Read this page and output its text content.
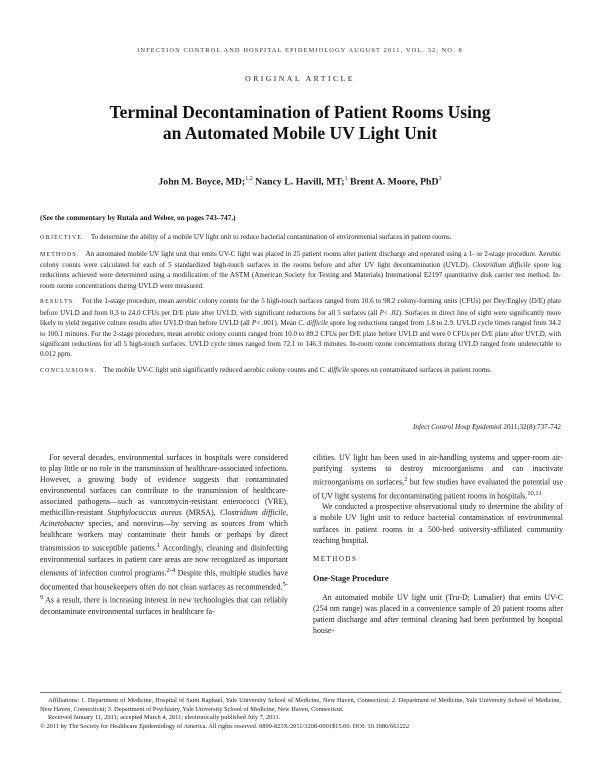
INFECTION CONTROL AND HOSPITAL EPIDEMIOLOGY AUGUST 2011, VOL. 32, NO. 8
ORIGINAL ARTICLE
Terminal Decontamination of Patient Rooms Using
an Automated Mobile UV Light Unit
John M. Boyce, MD;$^{1,2}$ Nancy L. Havill, MT;$^1$ Brent A. Moore, PhD$^3$
(See the commentary by Rutala and Weber, on pages 743–747.)

OBJECTIVE. To determine the ability of a mobile UV light unit to reduce bacterial contamination of environmental surfaces in patient rooms.

METHODS. An automated mobile UV light unit that emits UV-C light was placed in 25 patient rooms after patient discharge and operated using a 1- or 2-stage procedure. Aerobic colony counts were calculated for each of 5 standardized high-touch surfaces in the rooms before and after UV light decontamination (UVLD). Clostridium difficile spore log reductions achieved were determined using a modification of the ASTM (American Society for Testing and Materials) International E2197 quantitative disk carrier test method. In-room ozone concentrations during UVLD were measured.

RESULTS. For the 1-stage procedure, mean aerobic colony counts for the 5 high-touch surfaces ranged from 10.6 to 98.2 colony-forming units (CFUs) per Dey/Engley (D/E) plate before UVLD and from 0.3 to 24.0 CFUs per D/E plate after UVLD, with significant reductions for all 5 surfaces (all P< .02). Surfaces in direct line of sight were significantly more likely to yield negative culture results after UVLD than before UVLD (all P< .001). Mean C. difficile spore log reductions ranged from 1.8 to 2.9. UVLD cycle times ranged from 34.2 to 100.1 minutes. For the 2-stage procedure, mean aerobic colony counts ranged from 10.0 to 89.2 CFUs per D/E plate before UVLD and were 0 CFUs per D/E plate after UVLD, with significant reductions for all 5 high-touch surfaces. UVLD cycle times ranged from 72.1 to 146.3 minutes. In-room ozone concentrations during UVLD ranged from undetectable to 0.012 ppm.

CONCLUSIONS. The mobile UV-C light unit significantly reduced aerobic colony counts and C. difficile spores on contaminated surfaces in patient rooms.

Infect Control Hosp Epidemiol 2011;32(8):737-742

For several decades, environmental surfaces in hospitals were considered to play little or no role in the transmission of healthcare-associated infections. However, a growing body of evidence suggests that contaminated environmental surfaces can contribute to the transmission of healthcare-associated pathogens—such as vancomycin-resistant enterococci (VRE), methicillin-resistant Staphylococcus aureus (MRSA), Clostridium difficile, Acinetobacter species, and norovirus—by serving as sources from which healthcare workers may contaminate their hands or perhaps by direct transmission to susceptible patients.$^1$ Accordingly, cleaning and disinfecting environmental surfaces in patient care areas are now recognized as important elements of infection control programs.$^{2-4}$ Despite this, multiple studies have documented that housekeepers often do not clean surfaces as recommended.$^{5-9}$ As a result, there is increasing interest in new technologies that can reliably decontaminate environmental surfaces in healthcare fa-

cilities. UV light has been used in air-handling systems and upper-room air-purifying systems to destroy microorganisms and can inactivate microorganisms on surfaces,$^2$ but few studies have evaluated the potential use of UV light systems for decontaminating patient rooms in hospitals.$^{10,11}$

We conducted a prospective observational study to determine the ability of a mobile UV light unit to reduce bacterial contamination of environmental surfaces in patient rooms in a 500-bed university-affiliated community teaching hospital.

METHODS
One-Stage Procedure

An automated mobile UV light unit (Tru-D; Lumalier) that emits UV-C (254 nm range) was placed in a convenience sample of 20 patient rooms after patient discharge and after terminal cleaning had been performed by hospital house-

Affiliations: 1. Department of Medicine, Hospital of Saint Raphael, Yale University School of Medicine, New Haven, Connecticut; 2. Department of Medicine, Yale University School of Medicine, New Haven, Connecticut; 3. Department of Psychiatry, Yale University School of Medicine, New Haven, Connecticut.

Received January 11, 2011; accepted March 4, 2011; electronically published July 7, 2011.

© 2011 by The Society for Healthcare Epidemiology of America. All rights reserved. 0899-823X/2011/3208-0001$15.00. DOI: 10.1086/661222
